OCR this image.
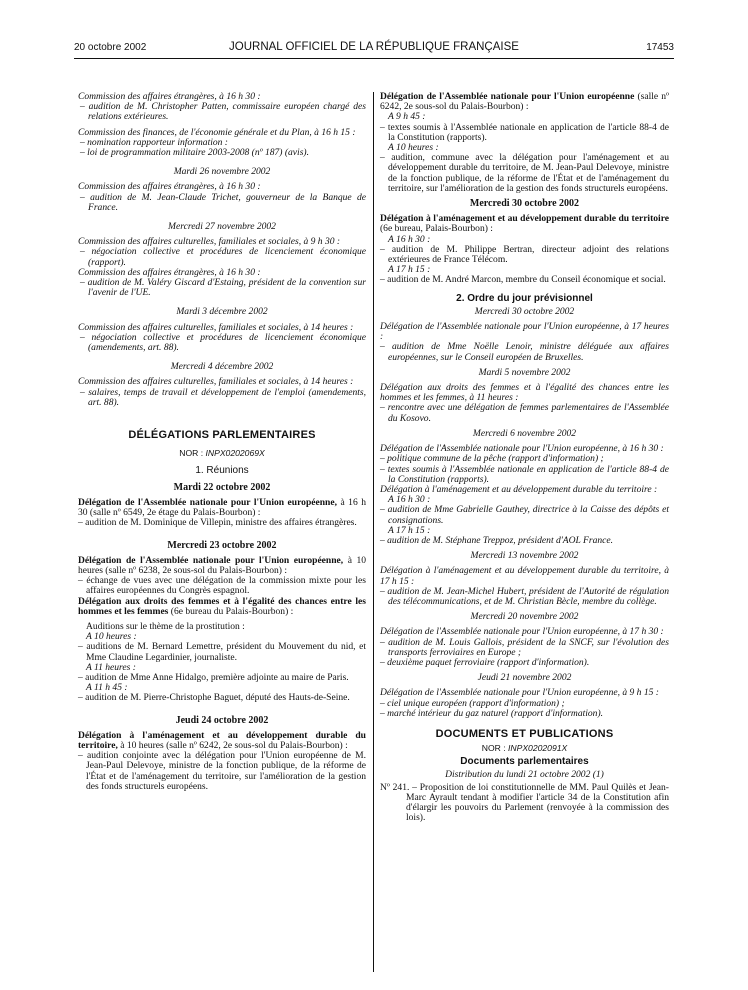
20 octobre 2002	JOURNAL OFFICIEL DE LA RÉPUBLIQUE FRANÇAISE	17453

Commission des affaires étrangères, à 16 h 30 :

– audition de M. Christopher Patten, commissaire européen chargé des relations extérieures.

Commission des finances, de l'économie générale et du Plan, à 16 h 15 :

– nomination rapporteur information :

– loi de programmation militaire 2003-2008 (nº 187) (avis).

Mardi 26 novembre 2002

Commission des affaires étrangères, à 16 h 30 :

– audition de M. Jean-Claude Trichet, gouverneur de la Banque de France.

Mercredi 27 novembre 2002

Commission des affaires culturelles, familiales et sociales, à 9 h 30 :

– négociation collective et procédures de licenciement économique (rapport).

Commission des affaires étrangères, à 16 h 30 :

– audition de M. Valéry Giscard d'Estaing, président de la convention sur l'avenir de l'UE.

Mardi 3 décembre 2002

Commission des affaires culturelles, familiales et sociales, à 14 heures :

– négociation collective et procédures de licenciement économique (amendements, art. 88).

Mercredi 4 décembre 2002

Commission des affaires culturelles, familiales et sociales, à 14 heures :

– salaires, temps de travail et développement de l'emploi (amendements, art. 88).

DÉLÉGATIONS PARLEMENTAIRES

NOR : INPX0202069X

1. Réunions

Mardi 22 octobre 2002

Délégation de l'Assemblée nationale pour l'Union européenne, à 16 h 30 (salle nº 6549, 2e étage du Palais-Bourbon) :

– audition de M. Dominique de Villepin, ministre des affaires étrangères.

Mercredi 23 octobre 2002

Délégation de l'Assemblée nationale pour l'Union européenne, à 10 heures (salle nº 6238, 2e sous-sol du Palais-Bourbon) :

– échange de vues avec une délégation de la commission mixte pour les affaires européennes du Congrès espagnol.

Délégation aux droits des femmes et à l'égalité des chances entre les hommes et les femmes (6e bureau du Palais-Bourbon) :

Auditions sur le thème de la prostitution :

A 10 heures :

– auditions de M. Bernard Lemettre, président du Mouvement du nid, et Mme Claudine Legardinier, journaliste.

A 11 heures :

– audition de Mme Anne Hidalgo, première adjointe au maire de Paris.

A 11 h 45 :

– audition de M. Pierre-Christophe Baguet, député des Hauts-de-Seine.

Jeudi 24 octobre 2002

Délégation à l'aménagement et au développement durable du territoire, à 10 heures (salle nº 6242, 2e sous-sol du Palais-Bourbon) :

– audition conjointe avec la délégation pour l'Union européenne de M. Jean-Paul Delevoye, ministre de la fonction publique, de la réforme de l'État et de l'aménagement du territoire, sur l'amélioration de la gestion des fonds structurels européens.

Délégation de l'Assemblée nationale pour l'Union européenne (salle nº 6242, 2e sous-sol du Palais-Bourbon) :

A 9 h 45 :

– textes soumis à l'Assemblée nationale en application de l'article 88-4 de la Constitution (rapports).

A 10 heures :

– audition, commune avec la délégation pour l'aménagement et au développement durable du territoire, de M. Jean-Paul Delevoye, ministre de la fonction publique, de la réforme de l'État et de l'aménagement du territoire, sur l'amélioration de la gestion des fonds structurels européens.

Mercredi 30 octobre 2002

Délégation à l'aménagement et au développement durable du territoire (6e bureau, Palais-Bourbon) :

A 16 h 30 :

– audition de M. Philippe Bertran, directeur adjoint des relations extérieures de France Télécom.

A 17 h 15 :

– audition de M. André Marcon, membre du Conseil économique et social.

2. Ordre du jour prévisionnel

Mercredi 30 octobre 2002

Délégation de l'Assemblée nationale pour l'Union européenne, à 17 heures :

– audition de Mme Noëlle Lenoir, ministre déléguée aux affaires européennes, sur le Conseil européen de Bruxelles.

Mardi 5 novembre 2002

Délégation aux droits des femmes et à l'égalité des chances entre les hommes et les femmes, à 11 heures :

– rencontre avec une délégation de femmes parlementaires de l'Assemblée du Kosovo.

Mercredi 6 novembre 2002

Délégation de l'Assemblée nationale pour l'Union européenne, à 16 h 30 :

– politique commune de la pêche (rapport d'information) ;

– textes soumis à l'Assemblée nationale en application de l'article 88-4 de la Constitution (rapports).

Délégation à l'aménagement et au développement durable du territoire :

A 16 h 30 :

– audition de Mme Gabrielle Gauthey, directrice à la Caisse des dépôts et consignations.

A 17 h 15 :

– audition de M. Stéphane Treppoz, président d'AOL France.

Mercredi 13 novembre 2002

Délégation à l'aménagement et au développement durable du territoire, à 17 h 15 :

– audition de M. Jean-Michel Hubert, président de l'Autorité de régulation des télécommunications, et de M. Christian Bècle, membre du collège.

Mercredi 20 novembre 2002

Délégation de l'Assemblée nationale pour l'Union européenne, à 17 h 30 :

– audition de M. Louis Gallois, président de la SNCF, sur l'évolution des transports ferroviaires en Europe ;

– deuxième paquet ferroviaire (rapport d'information).

Jeudi 21 novembre 2002

Délégation de l'Assemblée nationale pour l'Union européenne, à 9 h 15 :

– ciel unique européen (rapport d'information) ;

– marché intérieur du gaz naturel (rapport d'information).

DOCUMENTS ET PUBLICATIONS

NOR : INPX0202091X

Documents parlementaires

Distribution du lundi 21 octobre 2002 (1)

Nº 241. – Proposition de loi constitutionnelle de MM. Paul Quilès et Jean-Marc Ayrault tendant à modifier l'article 34 de la Constitution afin d'élargir les pouvoirs du Parlement (renvoyée à la commission des lois).
